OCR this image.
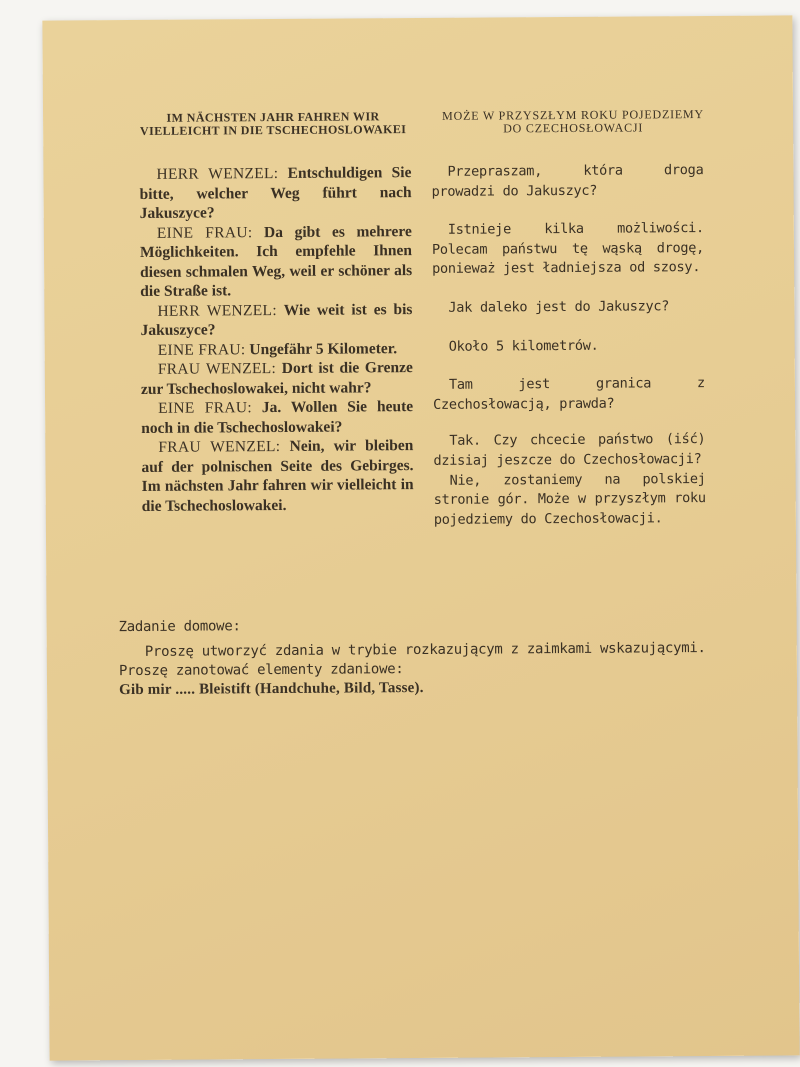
IM NÄCHSTEN JAHR FAHREN WIR VIELLEICHT IN DIE TSCHECHOSLOWAKEI
MOŻE W PRZYSZŁYM ROKU POJEDZIEMY DO CZECHOSŁOWACJI

HERR WENZEL: Entschuldigen Sie bitte, welcher Weg führt nach Jakuszyce?

EINE FRAU: Da gibt es mehrere Möglichkeiten. Ich empfehle Ihnen diesen schmalen Weg, weil er schöner als die Straße ist.

HERR WENZEL: Wie weit ist es bis Jakuszyce?

EINE FRAU: Ungefähr 5 Kilometer.

FRAU WENZEL: Dort ist die Grenze zur Tschechoslowakei, nicht wahr?

EINE FRAU: Ja. Wollen Sie heute noch in die Tschechoslowakei?

FRAU WENZEL: Nein, wir bleiben auf der polnischen Seite des Gebirges. Im nächsten Jahr fahren wir vielleicht in die Tschechoslowakei.

Przepraszam, która droga prowadzi do Jakuszyc?

Istnieje kilka możliwości. Polecam państwu tę wąską drogę, ponieważ jest ładniejsza od szosy.

Jak daleko jest do Jakuszyc?

Około 5 kilometrów.

Tam jest granica z Czechosłowacją, prawda?

Tak. Czy chcecie państwo (iść) dzisiaj jeszcze do Czechosłowacji?

Nie, zostaniemy na polskiej stronie gór. Może w przyszłym roku pojedziemy do Czechosłowacji.

Zadanie domowe:

Proszę utworzyć zdania w trybie rozkazującym z zaimkami wskazującymi. Proszę zanotować elementy zdaniowe:

Gib mir ..... Bleistift (Handchuhe, Bild, Tasse).
